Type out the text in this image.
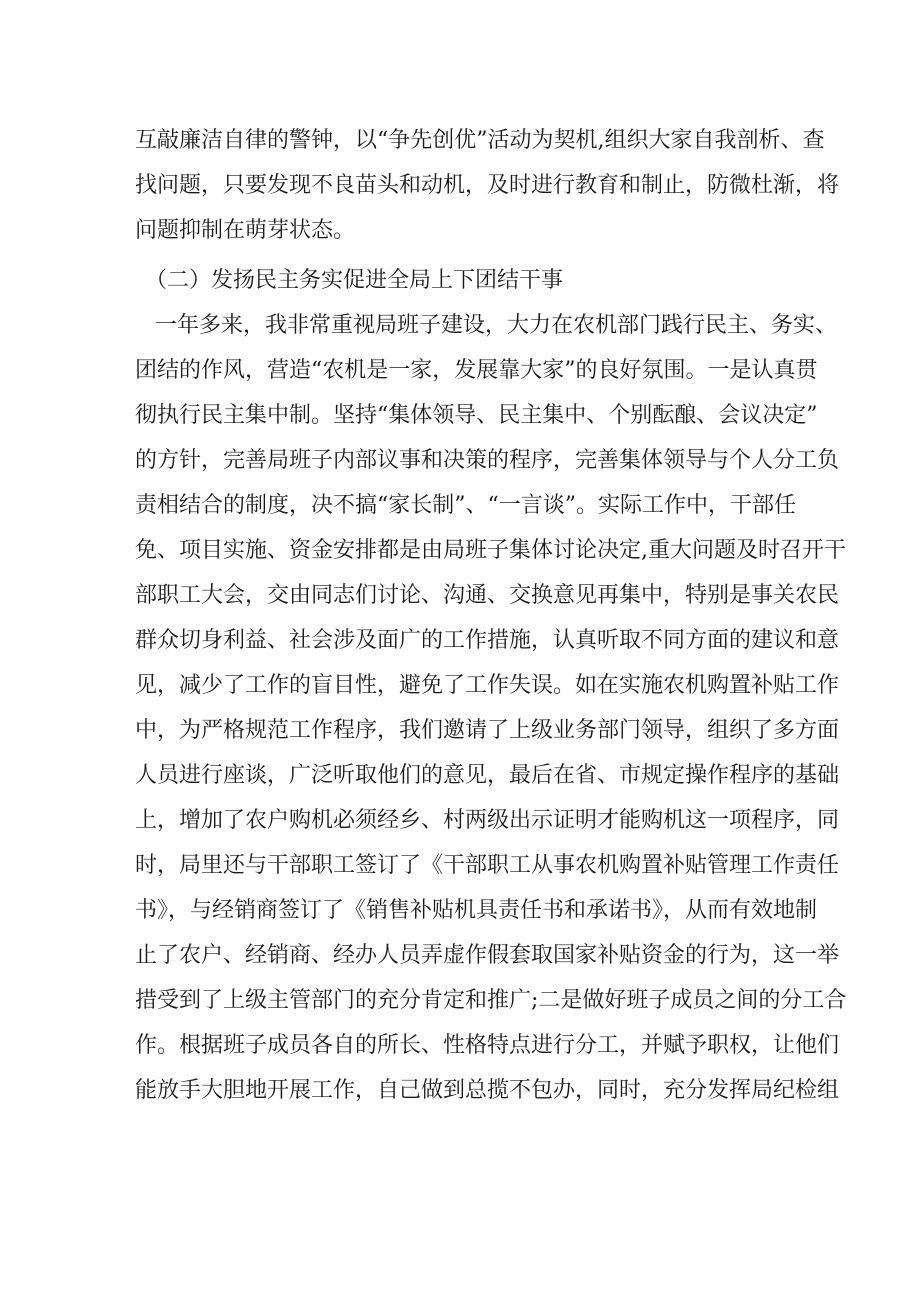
互敲廉洁自律的警钟，以“争先创优”活动为契机,组织大家自我剖析、查
找问题，只要发现不良苗头和动机，及时进行教育和制止，防微杜渐，将
问题抑制在萌芽状态。
（二）发扬民主务实促进全局上下团结干事
一年多来，我非常重视局班子建设，大力在农机部门践行民主、务实、
团结的作风，营造“农机是一家，发展靠大家”的良好氛围。一是认真贯
彻执行民主集中制。坚持“集体领导、民主集中、个别酝酿、会议决定”
的方针，完善局班子内部议事和决策的程序，完善集体领导与个人分工负
责相结合的制度，决不搞“家长制”、“一言谈”。实际工作中，干部任
免、项目实施、资金安排都是由局班子集体讨论决定,重大问题及时召开干
部职工大会，交由同志们讨论、沟通、交换意见再集中，特别是事关农民
群众切身利益、社会涉及面广的工作措施，认真听取不同方面的建议和意
见，减少了工作的盲目性，避免了工作失误。如在实施农机购置补贴工作
中，为严格规范工作程序，我们邀请了上级业务部门领导，组织了多方面
人员进行座谈，广泛听取他们的意见，最后在省、市规定操作程序的基础
上，增加了农户购机必须经乡、村两级出示证明才能购机这一项程序，同
时，局里还与干部职工签订了《干部职工从事农机购置补贴管理工作责任
书》，与经销商签订了《销售补贴机具责任书和承诺书》，从而有效地制
止了农户、经销商、经办人员弄虚作假套取国家补贴资金的行为，这一举
措受到了上级主管部门的充分肯定和推广;二是做好班子成员之间的分工合
作。根据班子成员各自的所长、性格特点进行分工，并赋予职权，让他们
能放手大胆地开展工作，自己做到总揽不包办，同时，充分发挥局纪检组
